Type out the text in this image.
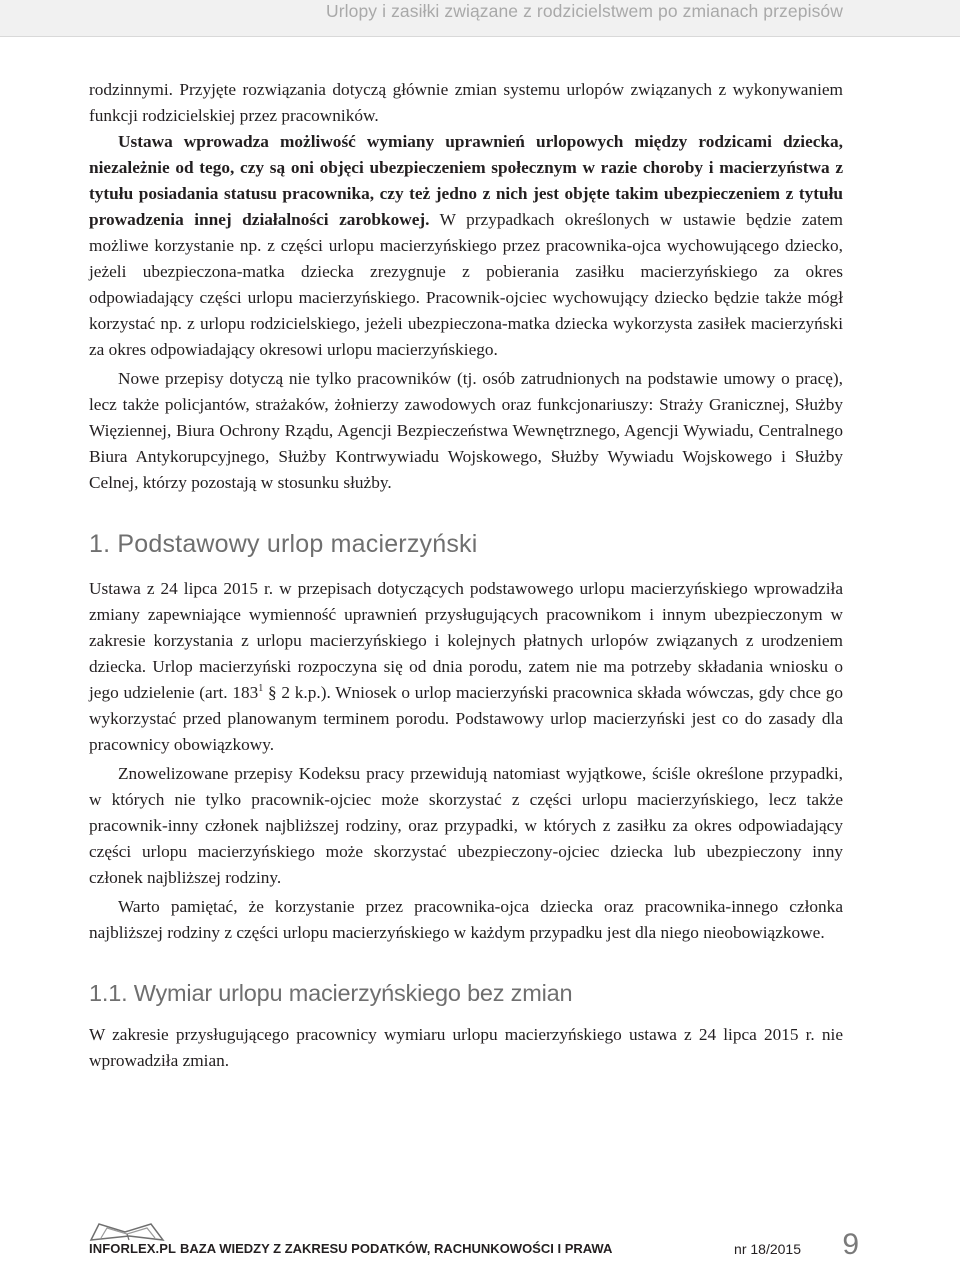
Urlopy i zasiłki związane z rodzicielstwem po zmianach przepisów

rodzinnymi. Przyjęte rozwiązania dotyczą głównie zmian systemu urlopów związanych z wykonywaniem funkcji rodzicielskiej przez pracowników.

Ustawa wprowadza możliwość wymiany uprawnień urlopowych między rodzicami dziecka, niezależnie od tego, czy są oni objęci ubezpieczeniem społecznym w razie choroby i macierzyństwa z tytułu posiadania statusu pracownika, czy też jedno z nich jest objęte takim ubezpieczeniem z tytułu prowadzenia innej działalności zarobkowej. W przypadkach określonych w ustawie będzie zatem możliwe korzystanie np. z części urlopu macierzyńskiego przez pracownika-ojca wychowującego dziecko, jeżeli ubezpieczona-matka dziecka zrezygnuje z pobierania zasiłku macierzyńskiego za okres odpowiadający części urlopu macierzyńskiego. Pracownik-ojciec wychowujący dziecko będzie także mógł korzystać np. z urlopu rodzicielskiego, jeżeli ubezpieczona-matka dziecka wykorzysta zasiłek macierzyński za okres odpowiadający okresowi urlopu macierzyńskiego.

Nowe przepisy dotyczą nie tylko pracowników (tj. osób zatrudnionych na podstawie umowy o pracę), lecz także policjantów, strażaków, żołnierzy zawodowych oraz funkcjonariuszy: Straży Granicznej, Służby Więziennej, Biura Ochrony Rządu, Agencji Bezpieczeństwa Wewnętrznego, Agencji Wywiadu, Centralnego Biura Antykorupcyjnego, Służby Kontrwywiadu Wojskowego, Służby Wywiadu Wojskowego i Służby Celnej, którzy pozostają w stosunku służby.

1. Podstawowy urlop macierzyński

Ustawa z 24 lipca 2015 r. w przepisach dotyczących podstawowego urlopu macierzyńskiego wprowadziła zmiany zapewniające wymienność uprawnień przysługujących pracownikom i innym ubezpieczonym w zakresie korzystania z urlopu macierzyńskiego i kolejnych płatnych urlopów związanych z urodzeniem dziecka. Urlop macierzyński rozpoczyna się od dnia porodu, zatem nie ma potrzeby składania wniosku o jego udzielenie (art. $183^1$ § 2 k.p.). Wniosek o urlop macierzyński pracownica składa wówczas, gdy chce go wykorzystać przed planowanym terminem porodu. Podstawowy urlop macierzyński jest co do zasady dla pracownicy obowiązkowy.

Znowelizowane przepisy Kodeksu pracy przewidują natomiast wyjątkowe, ściśle określone przypadki, w których nie tylko pracownik-ojciec może skorzystać z części urlopu macierzyńskiego, lecz także pracownik-inny członek najbliższej rodziny, oraz przypadki, w których z zasiłku za okres odpowiadający części urlopu macierzyńskiego może skorzystać ubezpieczony-ojciec dziecka lub ubezpieczony inny członek najbliższej rodziny.

Warto pamiętać, że korzystanie przez pracownika-ojca dziecka oraz pracownika-innego członka najbliższej rodziny z części urlopu macierzyńskiego w każdym przypadku jest dla niego nieobowiązkowe.

1.1. Wymiar urlopu macierzyńskiego bez zmian

W zakresie przysługującego pracownicy wymiaru urlopu macierzyńskiego ustawa z 24 lipca 2015 r. nie wprowadziła zmian.

INFORLEX.PL BAZA WIEDZY Z ZAKRESU PODATKÓW, RACHUNKOWOŚCI I PRAWA	nr 18/2015 9
